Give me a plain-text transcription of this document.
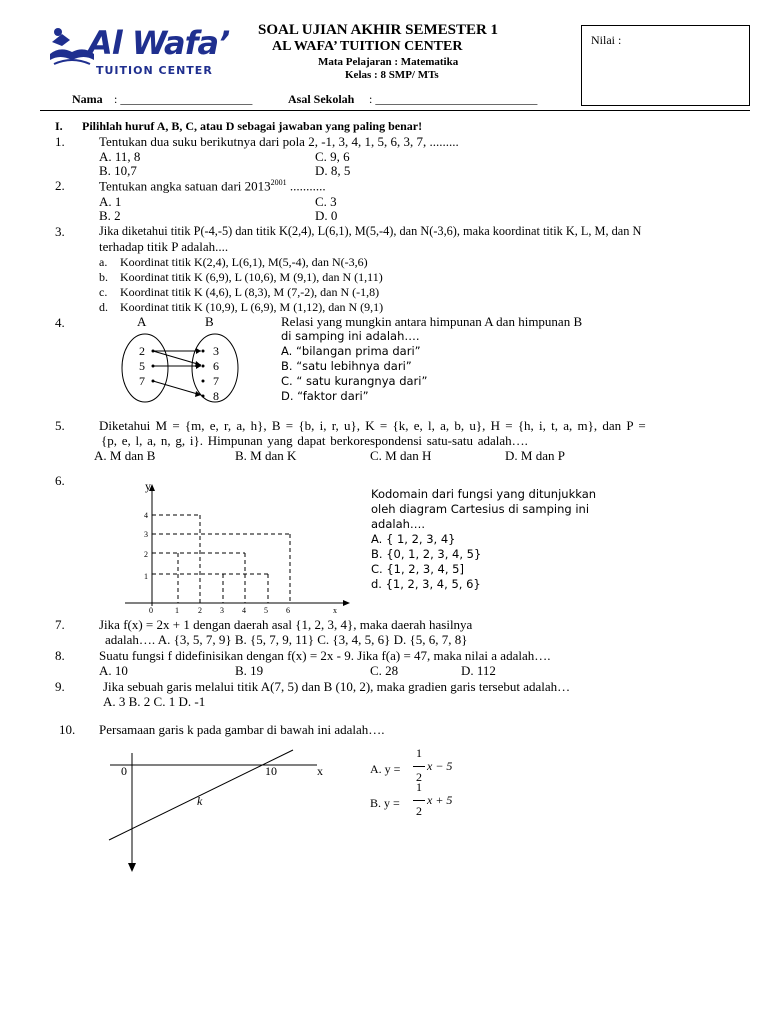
Al Wafa’
TUITION CENTER
SOAL UJIAN AKHIR SEMESTER 1
AL WAFA’ TUITION CENTER
Mata Pelajaran : Matematika
Kelas : 8 SMP/ MTs
Nilai :
Nama : ______________________	Asal Sekolah : ___________________________
I. Pilihlah huruf A, B, C, atau D sebagai jawaban yang paling benar!
1.	Tentukan dua suku berikutnya dari pola 2, -1, 3, 4, 1, 5, 6, 3, 7, .........
A. 11, 8	C. 9, 6
B. 10,7	D. 8, 5
2.	Tentukan angka satuan dari $2013^{2001}$ ...........
A. 1	C. 3
B. 2	D. 0
3.	Jika diketahui titik P(-4,-5) dan titik K(2,4), L(6,1), M(5,-4), dan N(-3,6), maka koordinat titik K, L, M, dan N
terhadap titik P adalah....
a. Koordinat titik K(2,4), L(6,1), M(5,-4), dan N(-3,6)
b. Koordinat titik K (6,9), L (10,6), M (9,1), dan N (1,11)
c. Koordinat titik K (4,6), L (8,3), M (7,-2), dan N (-1,8)
d. Koordinat titik K (10,9), L (6,9), M (1,12), dan N (9,1)
4.	A	B
2
5
7
3
6
7
8
Relasi yang mungkin antara himpunan A dan himpunan B
di samping ini adalah….
A. “bilangan prima dari”
B. “satu lebihnya dari”
C. “ satu kurangnya dari”
D. “faktor dari”
5.	Diketahui M = {m, e, r, a, h}, B = {b, i, r, u}, K = {k, e, l, a, b, u}, H = {h, i, t, a, m}, dan P =
{p, e, l, a, n, g, i}. Himpunan yang dapat berkorespondensi satu-satu adalah….
A. M dan B	B. M dan K	C. M dan H	D. M dan P
6.	y
x
0	1 2 3 4 5 6
1
2
3
4
Kodomain dari fungsi yang ditunjukkan
oleh diagram Cartesius di samping ini
adalah….
A. { 1, 2, 3, 4}
B. {0, 1, 2, 3, 4, 5}
C. {1, 2, 3, 4, 5]
d. {1, 2, 3, 4, 5, 6}
7.	Jika f(x) = 2x + 1 dengan daerah asal {1, 2, 3, 4}, maka daerah hasilnya
adalah…. A. {3, 5, 7, 9} B. {5, 7, 9, 11} C. {3, 4, 5, 6} D. {5, 6, 7, 8}
8.	Suatu fungsi f didefinisikan dengan f(x) = 2x - 9. Jika f(a) = 47, maka nilai a adalah….
A. 10	B. 19	C. 28	D. 112
9.	Jika sebuah garis melalui titik A(7, 5) dan B (10, 2), maka gradien garis tersebut adalah…
A. 3 B. 2 C. 1 D. -1
10. Persamaan garis k pada gambar di bawah ini adalah….
0	10	x
k
A. y =
1
2
x − 5
B. y =
1
2
x + 5
